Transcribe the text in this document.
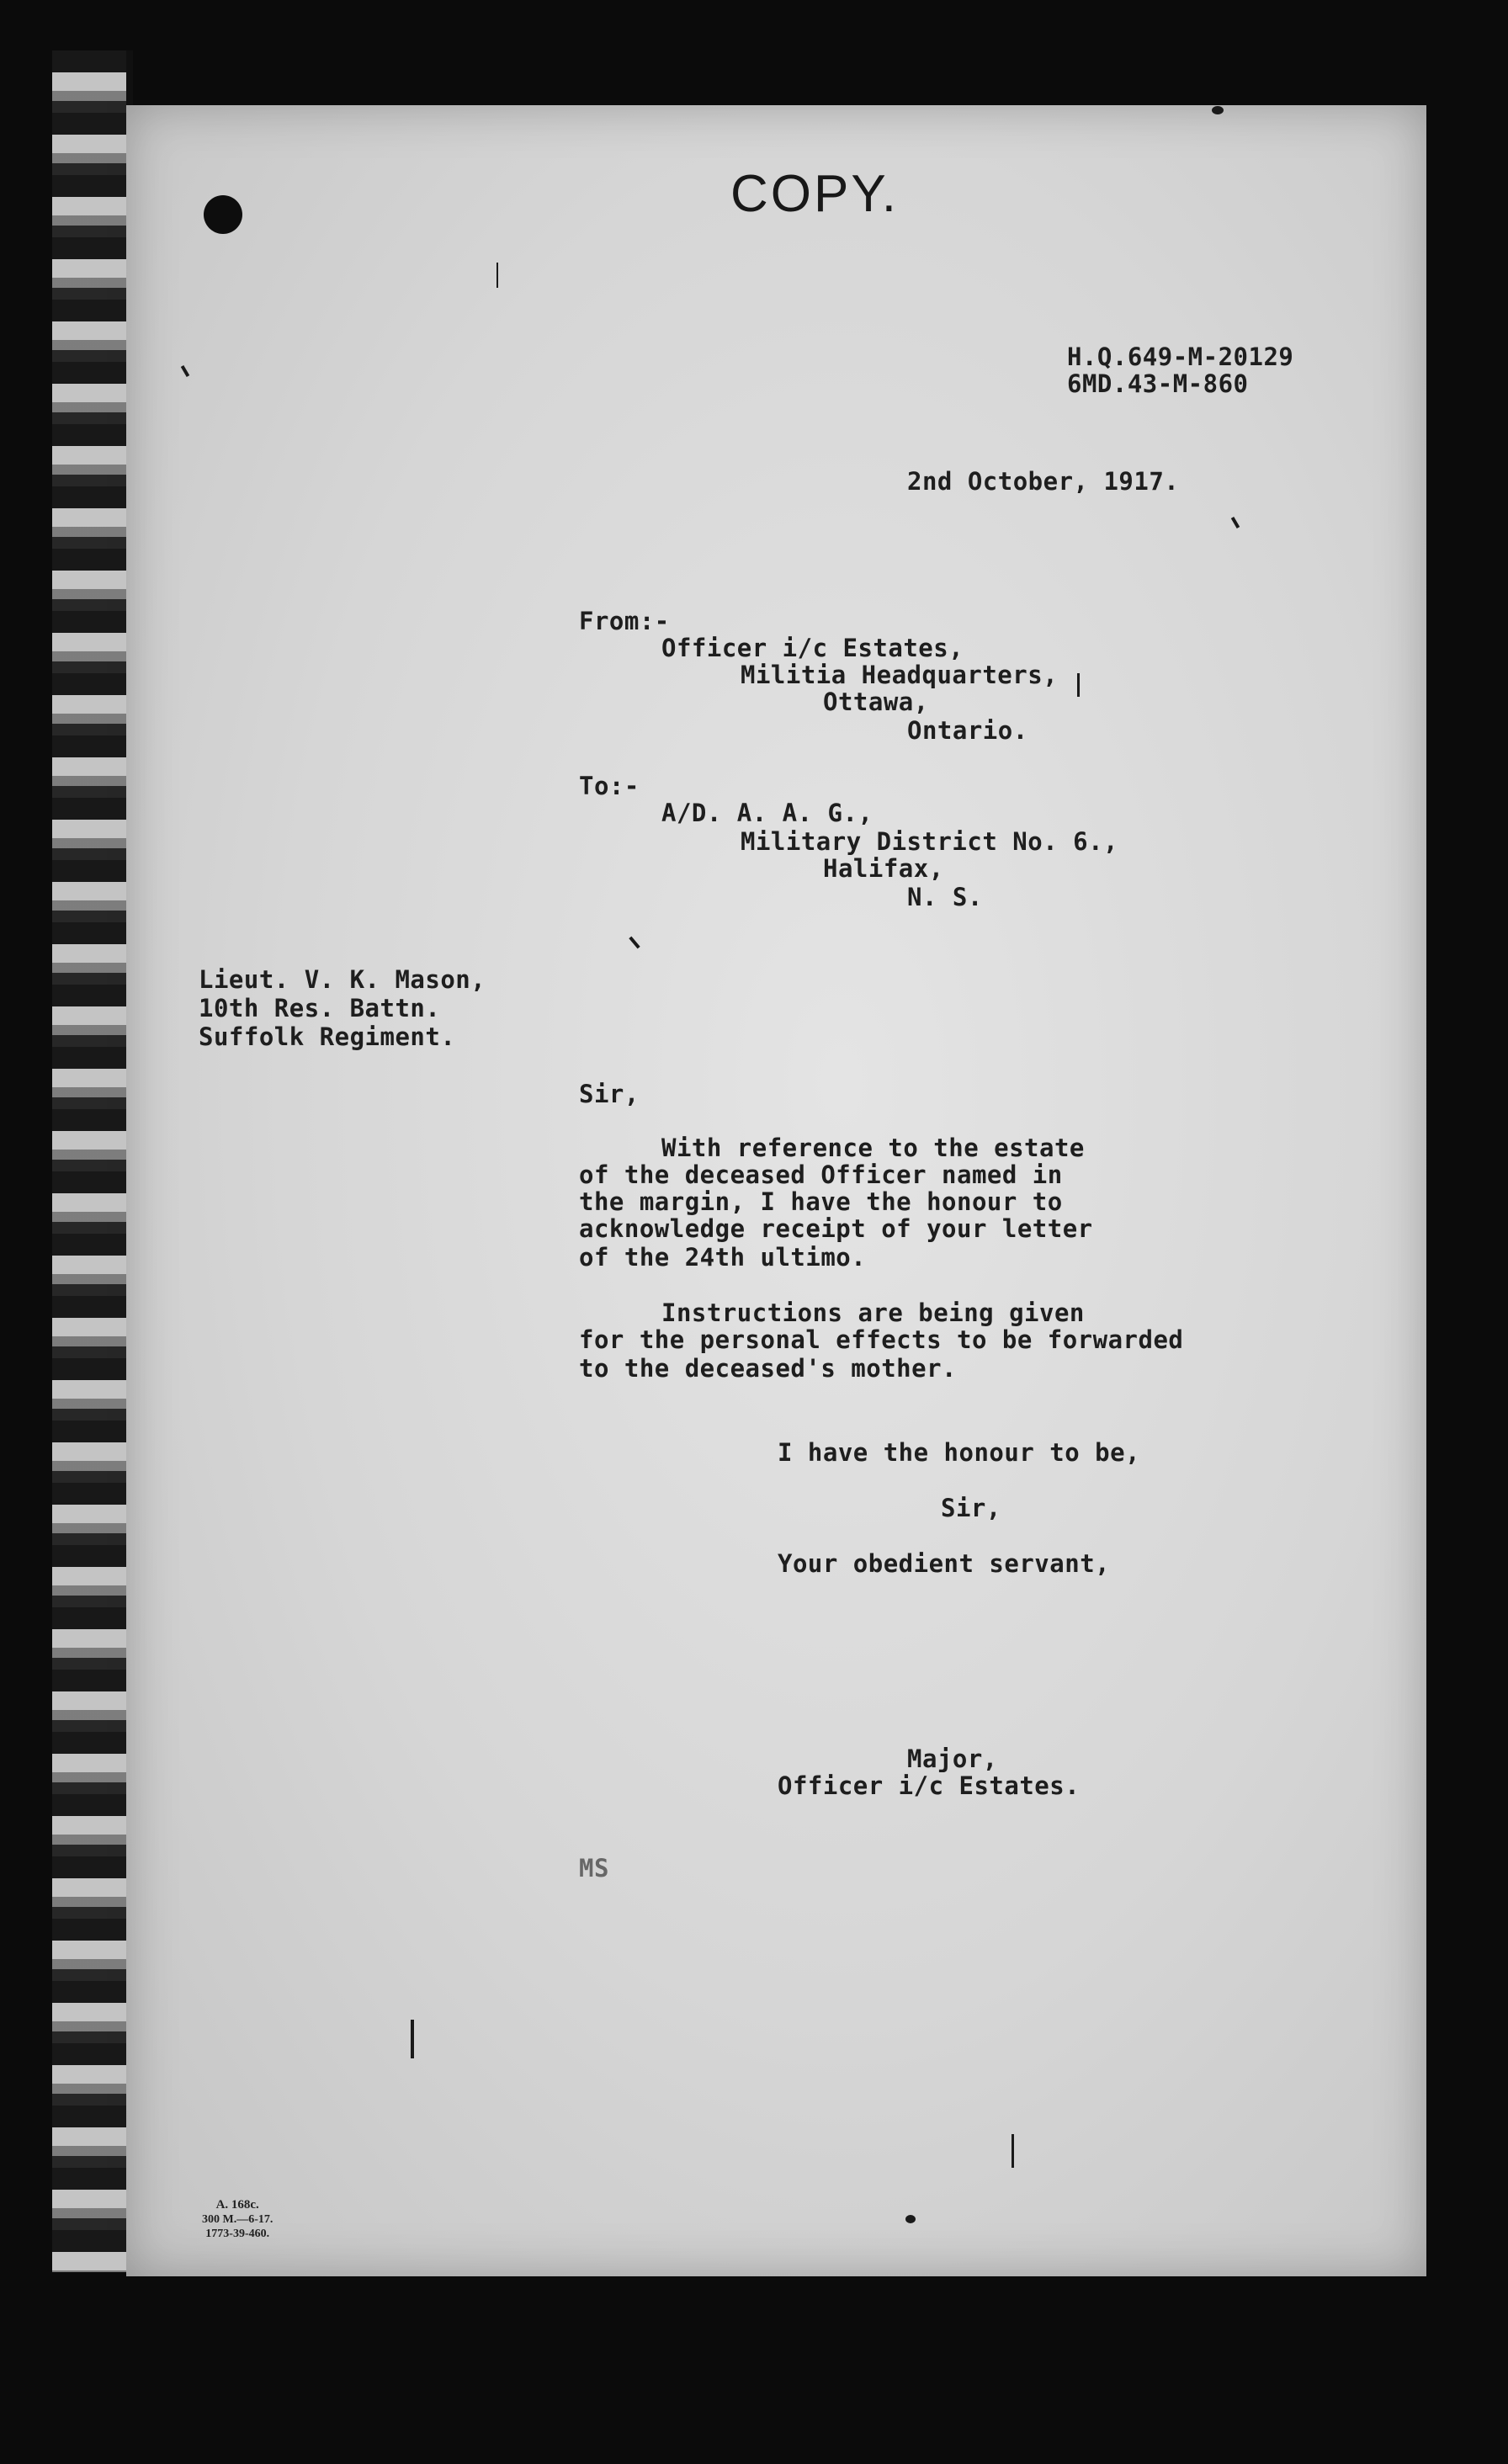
COPY.

H.Q.649-M-20129

6MD.43-M-860

2nd October, 1917.

From:-

Officer i/c Estates,

Militia Headquarters,

Ottawa,

Ontario.

To:-

A/D. A. A. G.,

Military District No. 6.,

Halifax,

N. S.

Lieut. V. K. Mason,

10th Res. Battn.

Suffolk Regiment.

Sir,

With reference to the estate

of the deceased Officer named in

the margin, I have the honour to

acknowledge receipt of your letter

of the 24th ultimo.

Instructions are being given

for the personal effects to be forwarded

to the deceased's mother.

I have the honour to be,

Sir,

Your obedient servant,

Major,

Officer i/c Estates.

MS

A. 168c.
300 M.—6-17.
1773-39-460.
